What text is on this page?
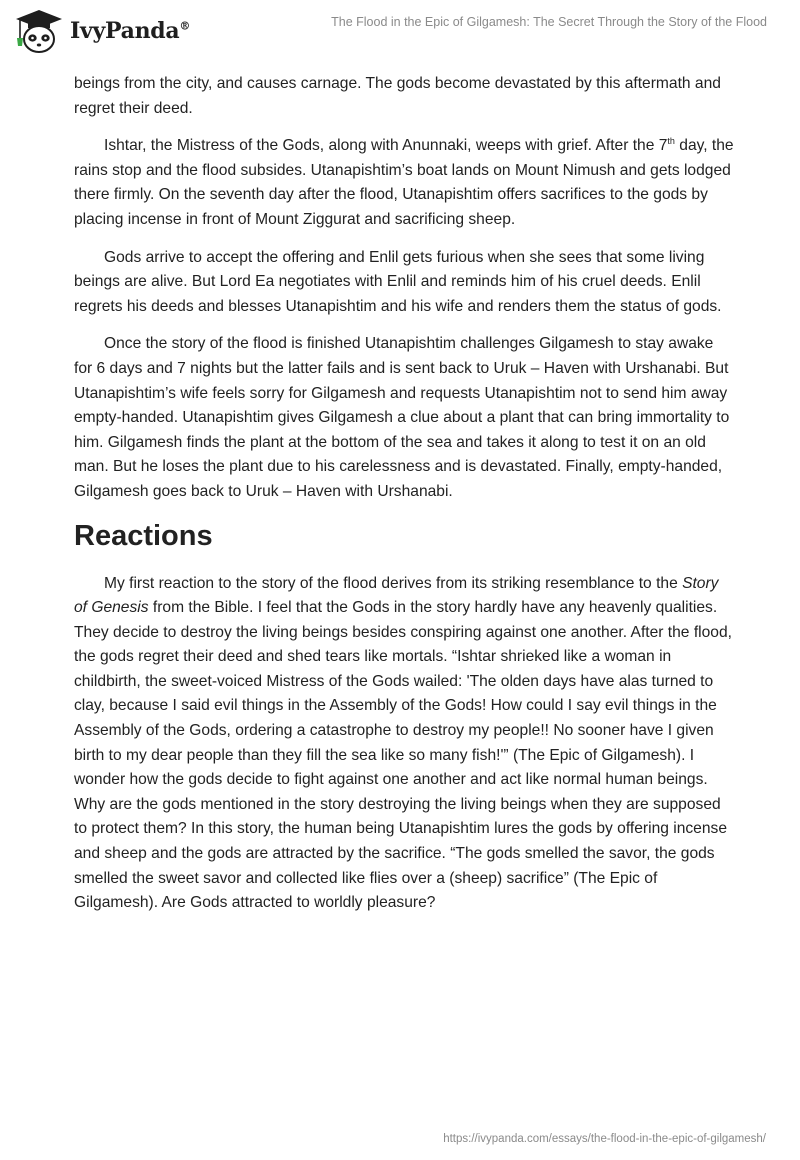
IvyPanda®	The Flood in the Epic of Gilgamesh: The Secret Through the Story of the Flood

beings from the city, and causes carnage. The gods become devastated by this aftermath and regret their deed.

Ishtar, the Mistress of the Gods, along with Anunnaki, weeps with grief. After the 7th day, the rains stop and the flood subsides. Utanapishtim’s boat lands on Mount Nimush and gets lodged there firmly. On the seventh day after the flood, Utanapishtim offers sacrifices to the gods by placing incense in front of Mount Ziggurat and sacrificing sheep.

Gods arrive to accept the offering and Enlil gets furious when she sees that some living beings are alive. But Lord Ea negotiates with Enlil and reminds him of his cruel deeds. Enlil regrets his deeds and blesses Utanapishtim and his wife and renders them the status of gods.

Once the story of the flood is finished Utanapishtim challenges Gilgamesh to stay awake for 6 days and 7 nights but the latter fails and is sent back to Uruk – Haven with Urshanabi. But Utanapishtim’s wife feels sorry for Gilgamesh and requests Utanapishtim not to send him away empty-handed. Utanapishtim gives Gilgamesh a clue about a plant that can bring immortality to him. Gilgamesh finds the plant at the bottom of the sea and takes it along to test it on an old man. But he loses the plant due to his carelessness and is devastated. Finally, empty-handed, Gilgamesh goes back to Uruk – Haven with Urshanabi.

Reactions

My first reaction to the story of the flood derives from its striking resemblance to the Story of Genesis from the Bible. I feel that the Gods in the story hardly have any heavenly qualities. They decide to destroy the living beings besides conspiring against one another. After the flood, the gods regret their deed and shed tears like mortals. “Ishtar shrieked like a woman in childbirth, the sweet-voiced Mistress of the Gods wailed: 'The olden days have alas turned to clay, because I said evil things in the Assembly of the Gods! How could I say evil things in the Assembly of the Gods, ordering a catastrophe to destroy my people!! No sooner have I given birth to my dear people than they fill the sea like so many fish!'” (The Epic of Gilgamesh). I wonder how the gods decide to fight against one another and act like normal human beings. Why are the gods mentioned in the story destroying the living beings when they are supposed to protect them? In this story, the human being Utanapishtim lures the gods by offering incense and sheep and the gods are attracted by the sacrifice. “The gods smelled the savor, the gods smelled the sweet savor and collected like flies over a (sheep) sacrifice” (The Epic of Gilgamesh). Are Gods attracted to worldly pleasure?

https://ivypanda.com/essays/the-flood-in-the-epic-of-gilgamesh/
